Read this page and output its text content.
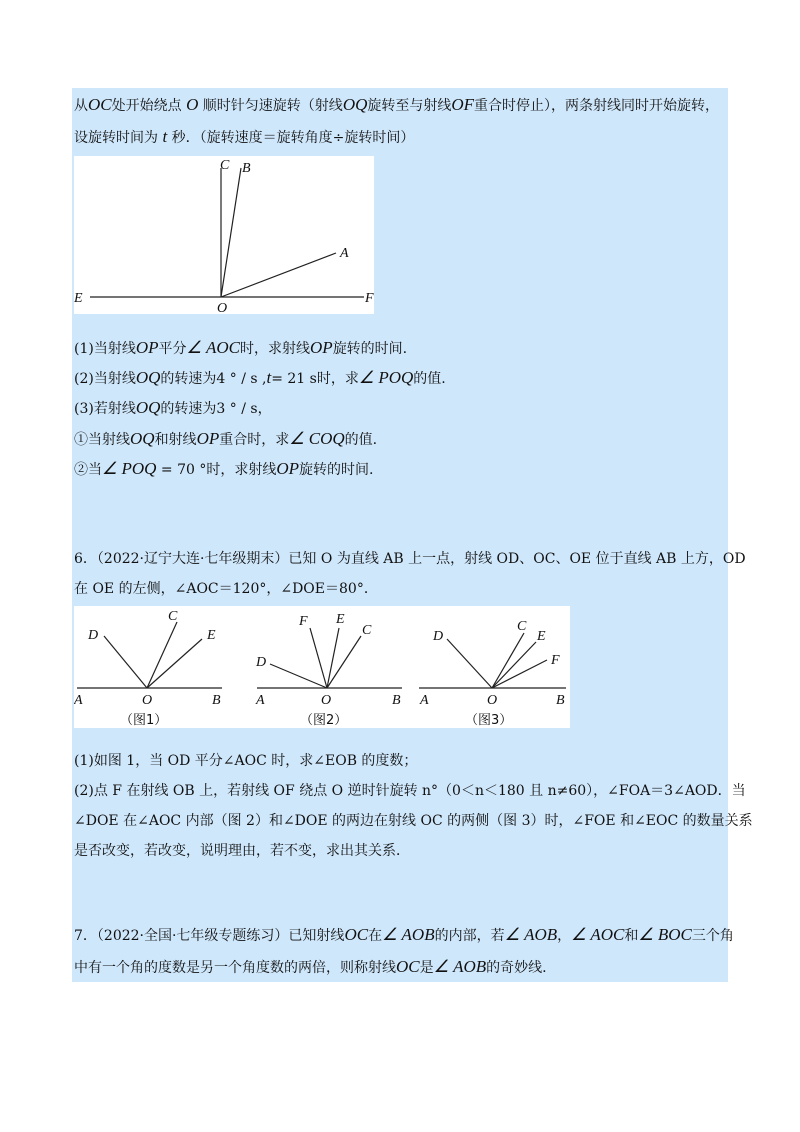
从OC处开始绕点 O 顺时针匀速旋转（射线OQ旋转至与射线OF重合时停止），两条射线同时开始旋转，
设旋转时间为 t 秒．（旋转速度＝旋转角度÷旋转时间）
C B
A
E
O
F
(1)当射线OP平分∠ AOC时，求射线OP旋转的时间.
(2)当射线OQ的转速为4 ° / s ,t= 21 s时，求∠ POQ的值.
(3)若射线OQ的转速为3 ° / s，
①当射线OQ和射线OP重合时，求∠ COQ的值.
②当∠ POQ = 70 °时，求射线OP旋转的时间.
6．（2022·辽宁大连·七年级期末）已知 O 为直线 AB 上一点，射线 OD、OC、OE 位于直线 AB 上方，OD
在 OE 的左侧，∠AOC＝120°，∠DOE＝80°．
C
D	E
A	O	B
（图1）
F E
C
D
A	O	B
（图2）
D
C
E
F
A	O	B
（图3）
(1)如图 1，当 OD 平分∠AOC 时，求∠EOB 的度数；
(2)点 F 在射线 OB 上，若射线 OF 绕点 O 逆时针旋转 n°（0＜n＜180 且 n≠60），∠FOA＝3∠AOD．当
∠DOE 在∠AOC 内部（图 2）和∠DOE 的两边在射线 OC 的两侧（图 3）时，∠FOE 和∠EOC 的数量关系
是否改变，若改变，说明理由，若不变，求出其关系．
7．（2022·全国·七年级专题练习）已知射线OC在∠ AOB的内部，若∠ AOB，∠ AOC和∠ BOC三个角
中有一个角的度数是另一个角度数的两倍，则称射线OC是∠ AOB的奇妙线.
